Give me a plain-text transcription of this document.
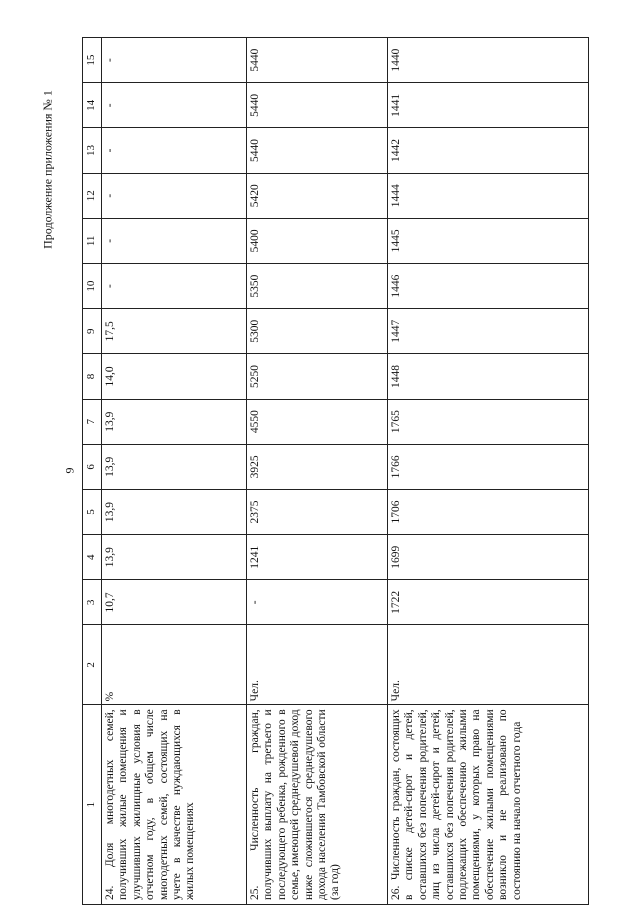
9
Продолжение приложения № 1
1	2	3	4	5	6	7	8	9	10	11	12	13	14	15
24. Доля многодетных семей, получивших жилые помещения и улучшивших жилищные условия в отчетном году, в общем числе многодетных семей, состоящих на учете в качестве нуждающихся в жилых помещениях	%	10,7	13,9	13,9	13,9	13,9	14,0	17,5	-	-	-	-	-	-
25. Численность граждан, получивших выплату на третьего и последующего ребенка, рожденного в семье, имеющей среднедушевой доход ниже сложившегося среднедушевого дохода населения Тамбовской области (за год)	Чел.	-	1241	2375	3925	4550	5250	5300	5350	5400	5420	5440	5440	5440
26. Численность граждан, состоящих в списке детей-сирот и детей, оставшихся без попечения родителей, лиц из числа детей-сирот и детей, оставшихся без попечения родителей, подлежащих обеспечению жилыми помещениями, у которых право на обеспечение жилыми помещениями возникло и не реализовано по состоянию на начало отчетного года	Чел.	1722	1699	1706	1766	1765	1448	1447	1446	1445	1444	1442	1441	1440
